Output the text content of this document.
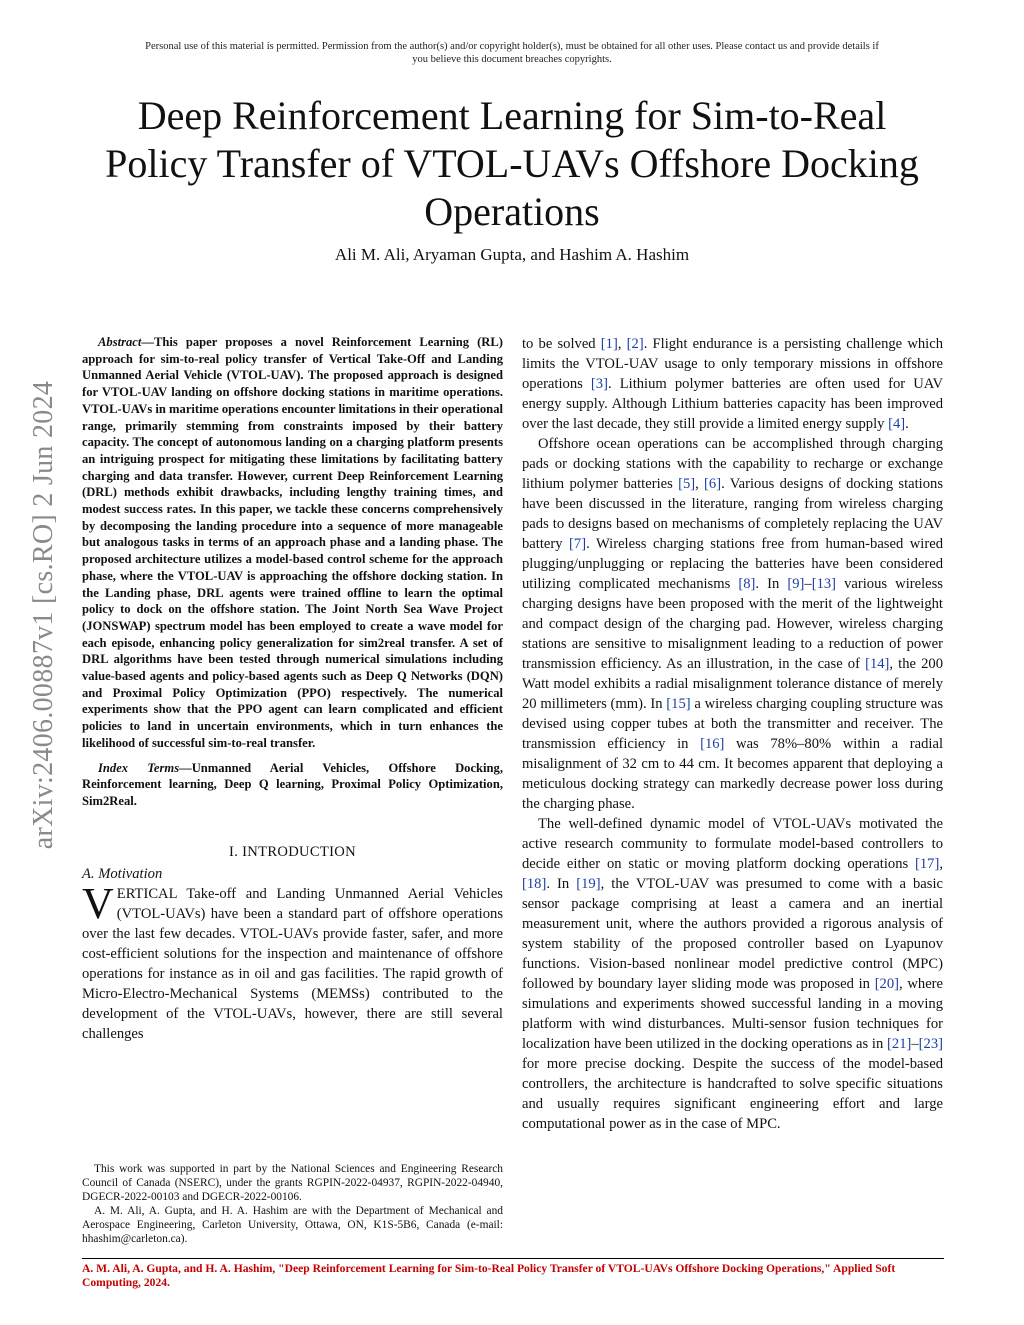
Personal use of this material is permitted. Permission from the author(s) and/or copyright holder(s), must be obtained for all other uses. Please contact us and provide details if
you believe this document breaches copyrights.
Deep Reinforcement Learning for Sim-to-Real
Policy Transfer of VTOL-UAVs Offshore Docking
Operations
Ali M. Ali, Aryaman Gupta, and Hashim A. Hashim
arXiv:2406.00887v1 [cs.RO] 2 Jun 2024

Abstract—This paper proposes a novel Reinforcement Learning (RL) approach for sim-to-real policy transfer of Vertical Take-Off and Landing Unmanned Aerial Vehicle (VTOL-UAV). The proposed approach is designed for VTOL-UAV landing on offshore docking stations in maritime operations. VTOL-UAVs in maritime operations encounter limitations in their operational range, primarily stemming from constraints imposed by their battery capacity. The concept of autonomous landing on a charging platform presents an intriguing prospect for mitigating these limitations by facilitating battery charging and data transfer. However, current Deep Reinforcement Learning (DRL) methods exhibit drawbacks, including lengthy training times, and modest success rates. In this paper, we tackle these concerns comprehensively by decomposing the landing procedure into a sequence of more manageable but analogous tasks in terms of an approach phase and a landing phase. The proposed architecture utilizes a model-based control scheme for the approach phase, where the VTOL-UAV is approaching the offshore docking station. In the Landing phase, DRL agents were trained offline to learn the optimal policy to dock on the offshore station. The Joint North Sea Wave Project (JONSWAP) spectrum model has been employed to create a wave model for each episode, enhancing policy generalization for sim2real transfer. A set of DRL algorithms have been tested through numerical simulations including value-based agents and policy-based agents such as Deep Q Networks (DQN) and Proximal Policy Optimization (PPO) respectively. The numerical experiments show that the PPO agent can learn complicated and efficient policies to land in uncertain environments, which in turn enhances the likelihood of successful sim-to-real transfer.

Index Terms—Unmanned Aerial Vehicles, Offshore Docking, Reinforcement learning, Deep Q learning, Proximal Policy Optimization, Sim2Real.

I. INTRODUCTION

A. Motivation

VERTICAL Take-off and Landing Unmanned Aerial Vehicles (VTOL-UAVs) have been a standard part of offshore operations over the last few decades. VTOL-UAVs provide faster, safer, and more cost-efficient solutions for the inspection and maintenance of offshore operations for instance as in oil and gas facilities. The rapid growth of Micro-Electro-Mechanical Systems (MEMSs) contributed to the development of the VTOL-UAVs, however, there are still several challenges

This work was supported in part by the National Sciences and Engineering Research Council of Canada (NSERC), under the grants RGPIN-2022-04937, RGPIN-2022-04940, DGECR-2022-00103 and DGECR-2022-00106.

A. M. Ali, A. Gupta, and H. A. Hashim are with the Department of Mechanical and Aerospace Engineering, Carleton University, Ottawa, ON, K1S-5B6, Canada (e-mail: hhashim@carleton.ca).

to be solved [1], [2]. Flight endurance is a persisting challenge which limits the VTOL-UAV usage to only temporary missions in offshore operations [3]. Lithium polymer batteries are often used for UAV energy supply. Although Lithium batteries capacity has been improved over the last decade, they still provide a limited energy supply [4].

Offshore ocean operations can be accomplished through charging pads or docking stations with the capability to recharge or exchange lithium polymer batteries [5], [6]. Various designs of docking stations have been discussed in the literature, ranging from wireless charging pads to designs based on mechanisms of completely replacing the UAV battery [7]. Wireless charging stations free from human-based wired plugging/unplugging or replacing the batteries have been considered utilizing complicated mechanisms [8]. In [9]–[13] various wireless charging designs have been proposed with the merit of the lightweight and compact design of the charging pad. However, wireless charging stations are sensitive to misalignment leading to a reduction of power transmission efficiency. As an illustration, in the case of [14], the 200 Watt model exhibits a radial misalignment tolerance distance of merely 20 millimeters (mm). In [15] a wireless charging coupling structure was devised using copper tubes at both the transmitter and receiver. The transmission efficiency in [16] was 78%–80% within a radial misalignment of 32 cm to 44 cm. It becomes apparent that deploying a meticulous docking strategy can markedly decrease power loss during the charging phase.

The well-defined dynamic model of VTOL-UAVs motivated the active research community to formulate model-based controllers to decide either on static or moving platform docking operations [17], [18]. In [19], the VTOL-UAV was presumed to come with a basic sensor package comprising at least a camera and an inertial measurement unit, where the authors provided a rigorous analysis of system stability of the proposed controller based on Lyapunov functions. Vision-based nonlinear model predictive control (MPC) followed by boundary layer sliding mode was proposed in [20], where simulations and experiments showed successful landing in a moving platform with wind disturbances. Multi-sensor fusion techniques for localization have been utilized in the docking operations as in [21]–[23] for more precise docking. Despite the success of the model-based controllers, the architecture is handcrafted to solve specific situations and usually requires significant engineering effort and large computational power as in the case of MPC.

A. M. Ali, A. Gupta, and H. A. Hashim, "Deep Reinforcement Learning for Sim-to-Real Policy Transfer of VTOL-UAVs Offshore Docking Operations," Applied Soft Computing, 2024.
